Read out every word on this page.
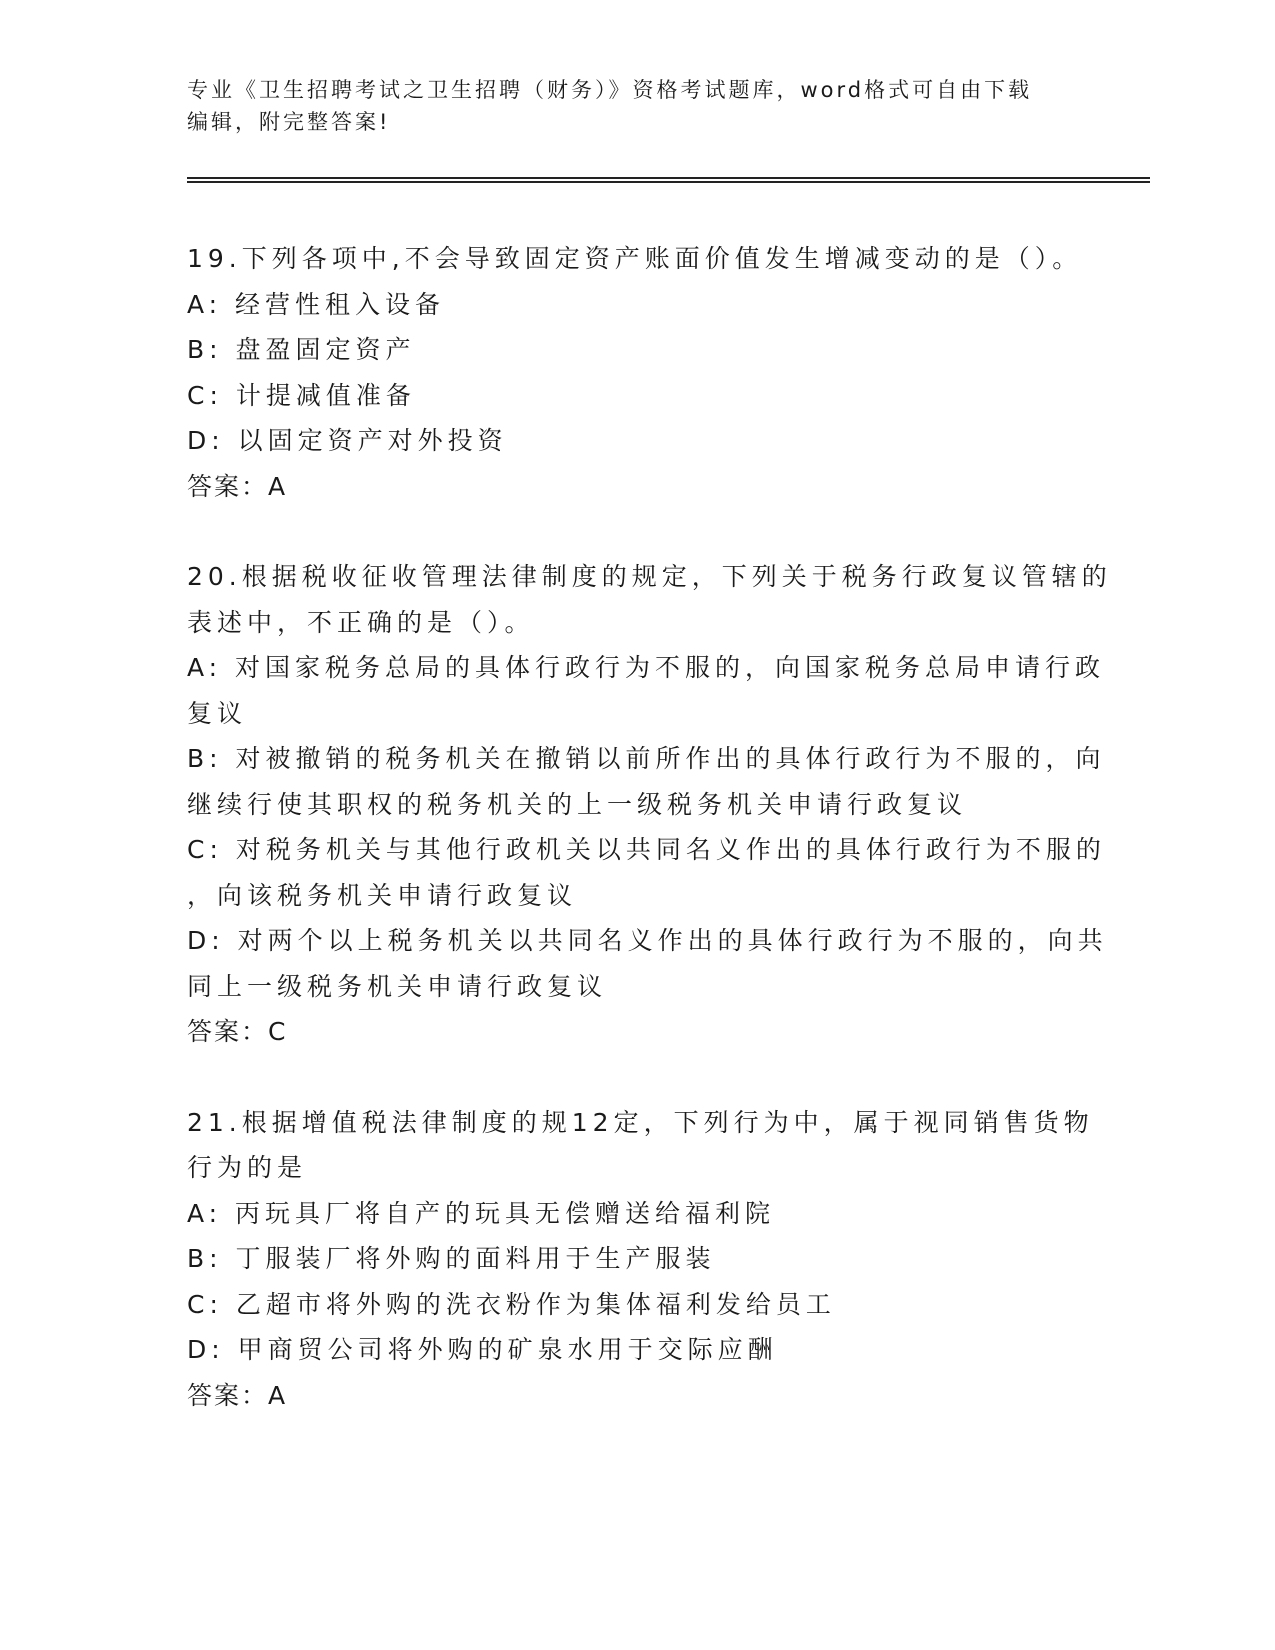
专业《卫生招聘考试之卫生招聘（财务）》资格考试题库，word格式可自由下载
编辑，附完整答案!
19.下列各项中,不会导致固定资产账面价值发生增减变动的是（）。
A: 经营性租入设备
B: 盘盈固定资产
C: 计提减值准备
D: 以固定资产对外投资
答案：A
20.根据税收征收管理法律制度的规定，下列关于税务行政复议管辖的
表述中，不正确的是（）。
A: 对国家税务总局的具体行政行为不服的，向国家税务总局申请行政
复议
B: 对被撤销的税务机关在撤销以前所作出的具体行政行为不服的，向
继续行使其职权的税务机关的上一级税务机关申请行政复议
C: 对税务机关与其他行政机关以共同名义作出的具体行政行为不服的
，向该税务机关申请行政复议
D: 对两个以上税务机关以共同名义作出的具体行政行为不服的，向共
同上一级税务机关申请行政复议
答案：C
21.根据增值税法律制度的规12定，下列行为中，属于视同销售货物
行为的是
A: 丙玩具厂将自产的玩具无偿赠送给福利院
B: 丁服装厂将外购的面料用于生产服装
C: 乙超市将外购的洗衣粉作为集体福利发给员工
D: 甲商贸公司将外购的矿泉水用于交际应酬
答案：A
